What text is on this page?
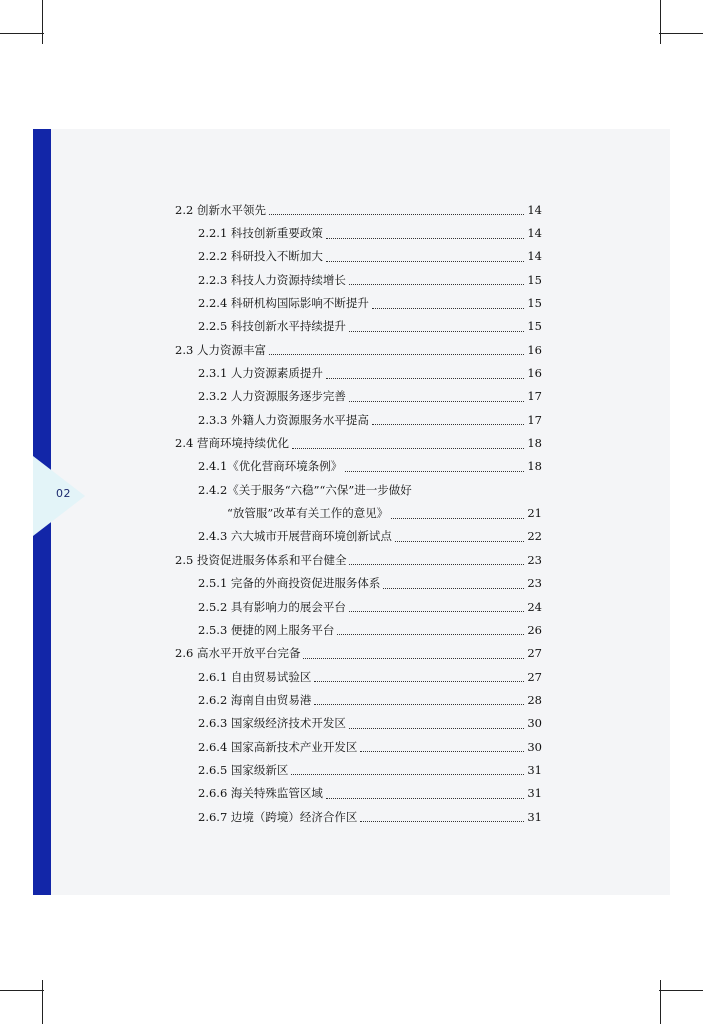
02
2.2 创新水平领先	14
2.2.1 科技创新重要政策	14
2.2.2 科研投入不断加大	14
2.2.3 科技人力资源持续增长	15
2.2.4 科研机构国际影响不断提升	15
2.2.5 科技创新水平持续提升	15
2.3 人力资源丰富	16
2.3.1 人力资源素质提升	16
2.3.2 人力资源服务逐步完善	17
2.3.3 外籍人力资源服务水平提高	17
2.4 营商环境持续优化	18
2.4.1《优化营商环境条例》	18
2.4.2《关于服务“六稳”“六保”进一步做好
“放管服”改革有关工作的意见》	21
2.4.3 六大城市开展营商环境创新试点	22
2.5 投资促进服务体系和平台健全	23
2.5.1 完备的外商投资促进服务体系	23
2.5.2 具有影响力的展会平台	24
2.5.3 便捷的网上服务平台	26
2.6 高水平开放平台完备	27
2.6.1 自由贸易试验区	27
2.6.2 海南自由贸易港	28
2.6.3 国家级经济技术开发区	30
2.6.4 国家高新技术产业开发区	30
2.6.5 国家级新区	31
2.6.6 海关特殊监管区域	31
2.6.7 边境（跨境）经济合作区	31
